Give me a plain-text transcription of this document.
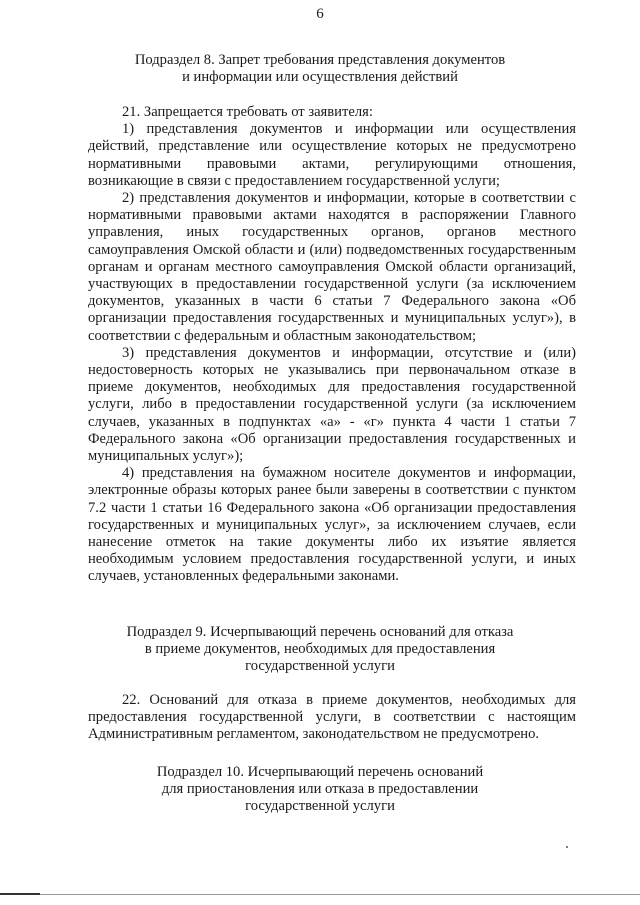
6
Подраздел 8. Запрет требования представления документов
и информации или осуществления действий

21. Запрещается требовать от заявителя:

1) представления документов и информации или осуществления действий, представление или осуществление которых не предусмотрено нормативными правовыми актами, регулирующими отношения, возникающие в связи с предоставлением государственной услуги;

2) представления документов и информации, которые в соответствии с нормативными правовыми актами находятся в распоряжении Главного управления, иных государственных органов, органов местного самоуправления Омской области и (или) подведомственных государственным органам и органам местного самоуправления Омской области организаций, участвующих в предоставлении государственной услуги (за исключением документов, указанных в части 6 статьи 7 Федерального закона «Об организации предоставления государственных и муниципальных услуг»), в соответствии с федеральным и областным законодательством;

3) представления документов и информации, отсутствие и (или) недостоверность которых не указывались при первоначальном отказе в приеме документов, необходимых для предоставления государственной услуги, либо в предоставлении государственной услуги (за исключением случаев, указанных в подпунктах «а» - «г» пункта 4 части 1 статьи 7 Федерального закона «Об организации предоставления государственных и муниципальных услуг»);

4) представления на бумажном носителе документов и информации, электронные образы которых ранее были заверены в соответствии с пунктом 7.2 части 1 статьи 16 Федерального закона «Об организации предоставления государственных и муниципальных услуг», за исключением случаев, если нанесение отметок на такие документы либо их изъятие является необходимым условием предоставления государственной услуги, и иных случаев, установленных федеральными законами.

Подраздел 9. Исчерпывающий перечень оснований для отказа
в приеме документов, необходимых для предоставления
государственной услуги

22. Оснований для отказа в приеме документов, необходимых для предоставления государственной услуги, в соответствии с настоящим Административным регламентом, законодательством не предусмотрено.

Подраздел 10. Исчерпывающий перечень оснований
для приостановления или отказа в предоставлении
государственной услуги
